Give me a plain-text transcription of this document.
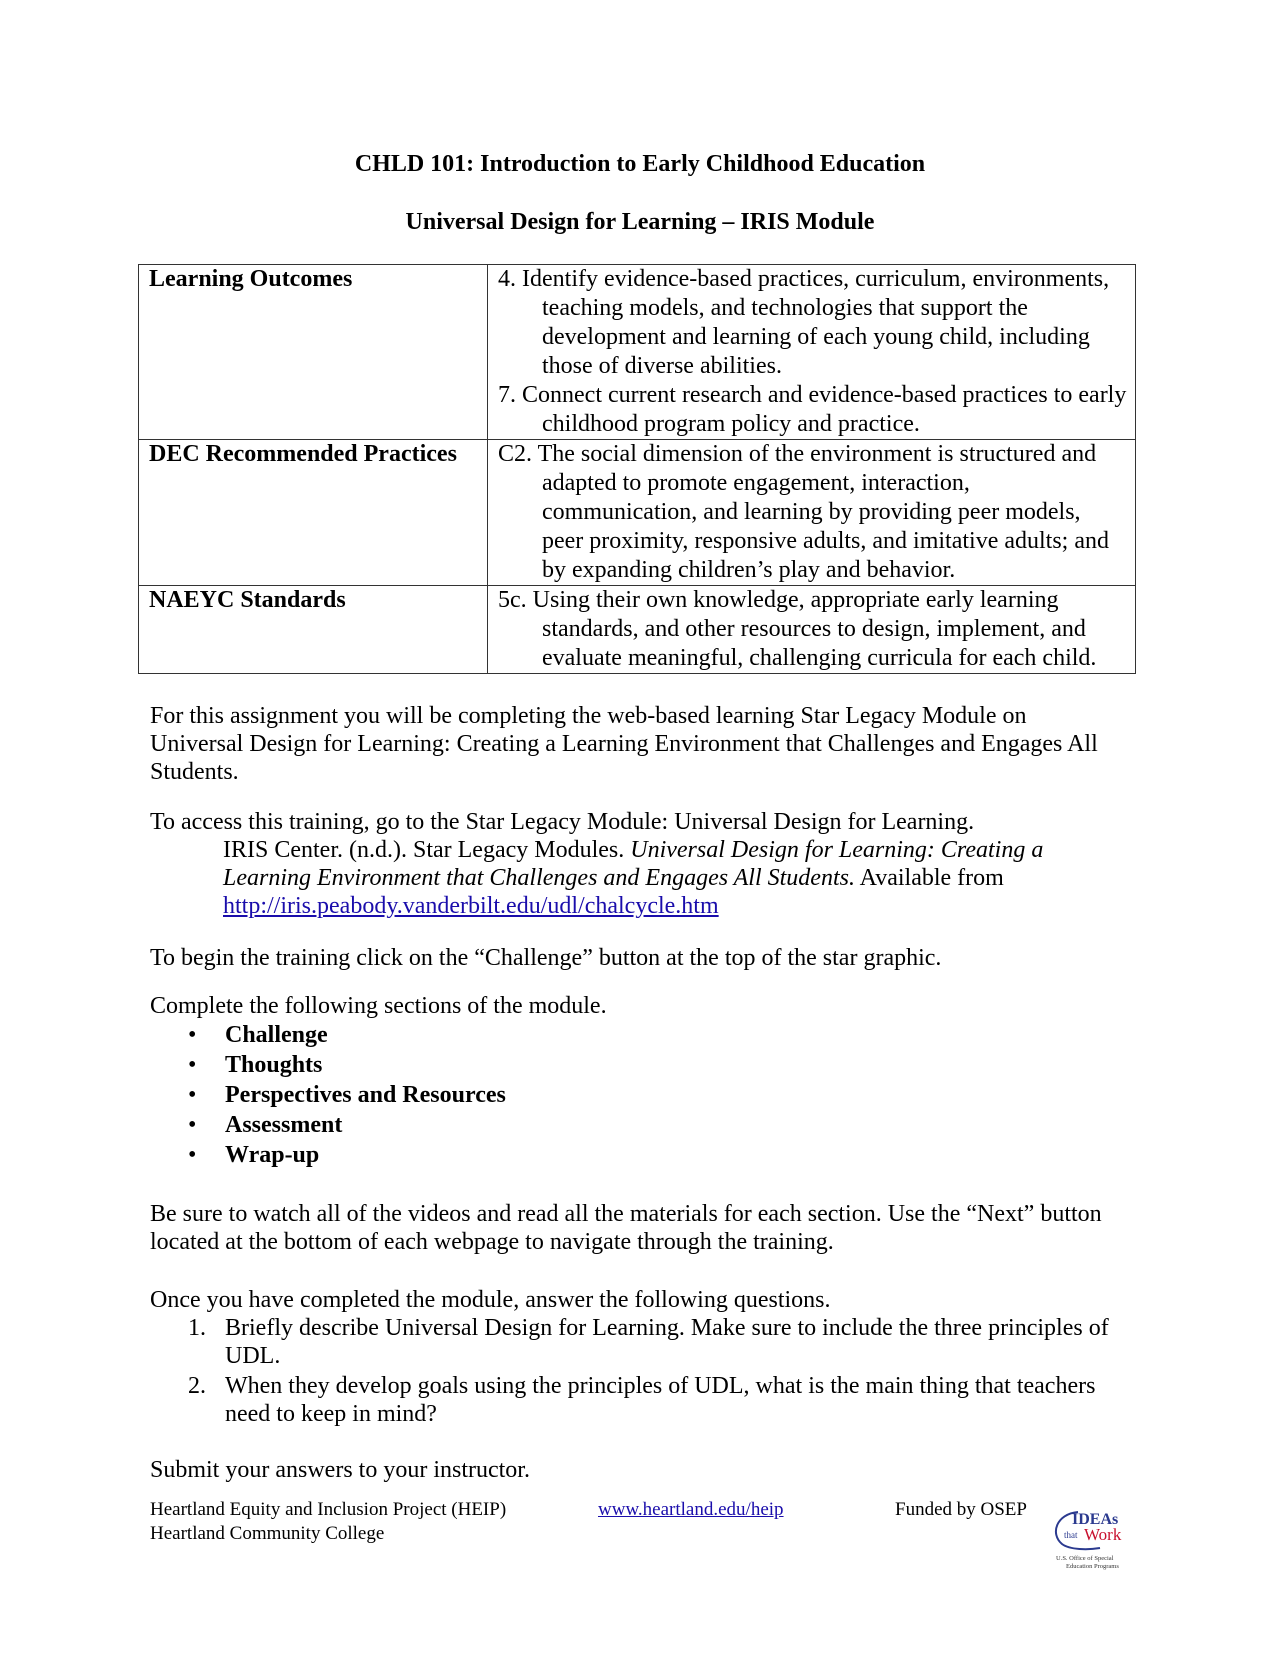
CHLD 101: Introduction to Early Childhood Education
Universal Design for Learning – IRIS Module
Learning Outcomes	4. Identify evidence-based practices, curriculum, environments, teaching models, and technologies that support the development and learning of each young child, including those of diverse abilities.

7. Connect current research and evidence-based practices to early childhood program policy and practice.

DEC Recommended Practices	C2. The social dimension of the environment is structured and adapted to promote engagement, interaction, communication, and learning by providing peer models, peer proximity, responsive adults, and imitative adults; and by expanding children’s play and behavior.

NAEYC Standards	5c. Using their own knowledge, appropriate early learning standards, and other resources to design, implement, and evaluate meaningful, challenging curricula for each child.

For this assignment you will be completing the web-based learning Star Legacy Module on Universal Design for Learning: Creating a Learning Environment that Challenges and Engages All Students.

To access this training, go to the Star Legacy Module: Universal Design for Learning.

IRIS Center. (n.d.). Star Legacy Modules. Universal Design for Learning: Creating a Learning Environment that Challenges and Engages All Students. Available from
http://iris.peabody.vanderbilt.edu/udl/chalcycle.htm

To begin the training click on the “Challenge” button at the top of the star graphic.

Complete the following sections of the module.

• Challenge
• Thoughts
• Perspectives and Resources
• Assessment
• Wrap-up

Be sure to watch all of the videos and read all the materials for each section. Use the “Next” button located at the bottom of each webpage to navigate through the training.

Once you have completed the module, answer the following questions.

1. Briefly describe Universal Design for Learning. Make sure to include the three principles of UDL.
2. When they develop goals using the principles of UDL, what is the main thing that teachers need to keep in mind?

Submit your answers to your instructor.

Heartland Equity and Inclusion Project (HEIP)
Heartland Community College
www.heartland.edu/heip	Funded by OSEP	IDEAs
that Work
U.S. Office of Special
Education Programs
